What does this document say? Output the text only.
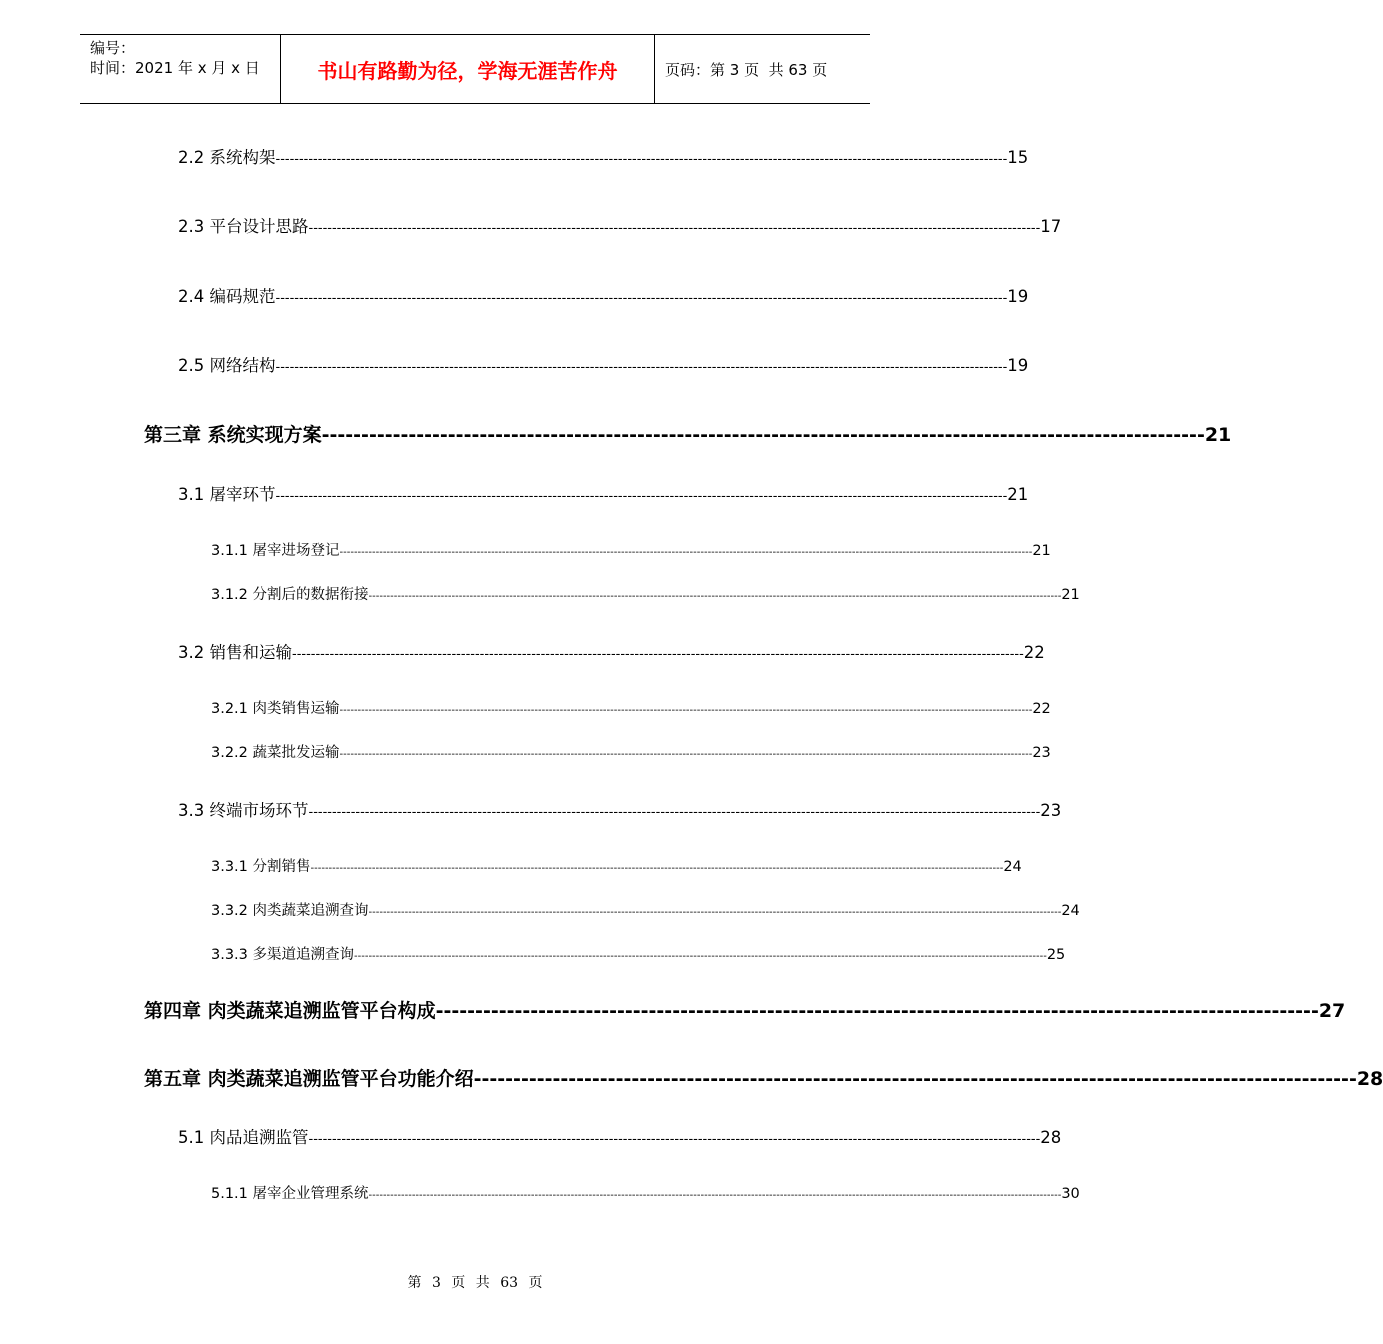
编号：
时间：2021 年 x 月 x 日	书山有路勤为径，学海无涯苦作舟	页码：第 3 页  共 63 页
2.2 系统构架 ------------------------------------------------------------------------------------------------------------------------------------------------------------ 15
2.3 平台设计思路 ------------------------------------------------------------------------------------------------------------------------------------------------------------ 17
2.4 编码规范 ------------------------------------------------------------------------------------------------------------------------------------------------------------ 19
2.5 网络结构 ------------------------------------------------------------------------------------------------------------------------------------------------------------ 19
第三章 系统实现方案 ---------------------------------------------------------------------------------------------------------------- 21
3.1 屠宰环节 ------------------------------------------------------------------------------------------------------------------------------------------------------------ 21
3.1.1 屠宰进场登记 ------------------------------------------------------------------------------------------------------------------------------------------------------------------------------------------------ 21
3.1.2 分割后的数据衔接 ------------------------------------------------------------------------------------------------------------------------------------------------------------------------------------------------ 21
3.2 销售和运输 ------------------------------------------------------------------------------------------------------------------------------------------------------------ 22
3.2.1 肉类销售运输 ------------------------------------------------------------------------------------------------------------------------------------------------------------------------------------------------ 22
3.2.2 蔬菜批发运输 ------------------------------------------------------------------------------------------------------------------------------------------------------------------------------------------------ 23
3.3 终端市场环节 ------------------------------------------------------------------------------------------------------------------------------------------------------------ 23
3.3.1 分割销售 ------------------------------------------------------------------------------------------------------------------------------------------------------------------------------------------------ 24
3.3.2 肉类蔬菜追溯查询 ------------------------------------------------------------------------------------------------------------------------------------------------------------------------------------------------ 24
3.3.3 多渠道追溯查询 ------------------------------------------------------------------------------------------------------------------------------------------------------------------------------------------------ 25
第四章 肉类蔬菜追溯监管平台构成 ---------------------------------------------------------------------------------------------------------------- 27
第五章 肉类蔬菜追溯监管平台功能介绍 ---------------------------------------------------------------------------------------------------------------- 28
5.1 肉品追溯监管 ------------------------------------------------------------------------------------------------------------------------------------------------------------ 28
5.1.1 屠宰企业管理系统 ------------------------------------------------------------------------------------------------------------------------------------------------------------------------------------------------ 30
第 3 页 共 63 页
